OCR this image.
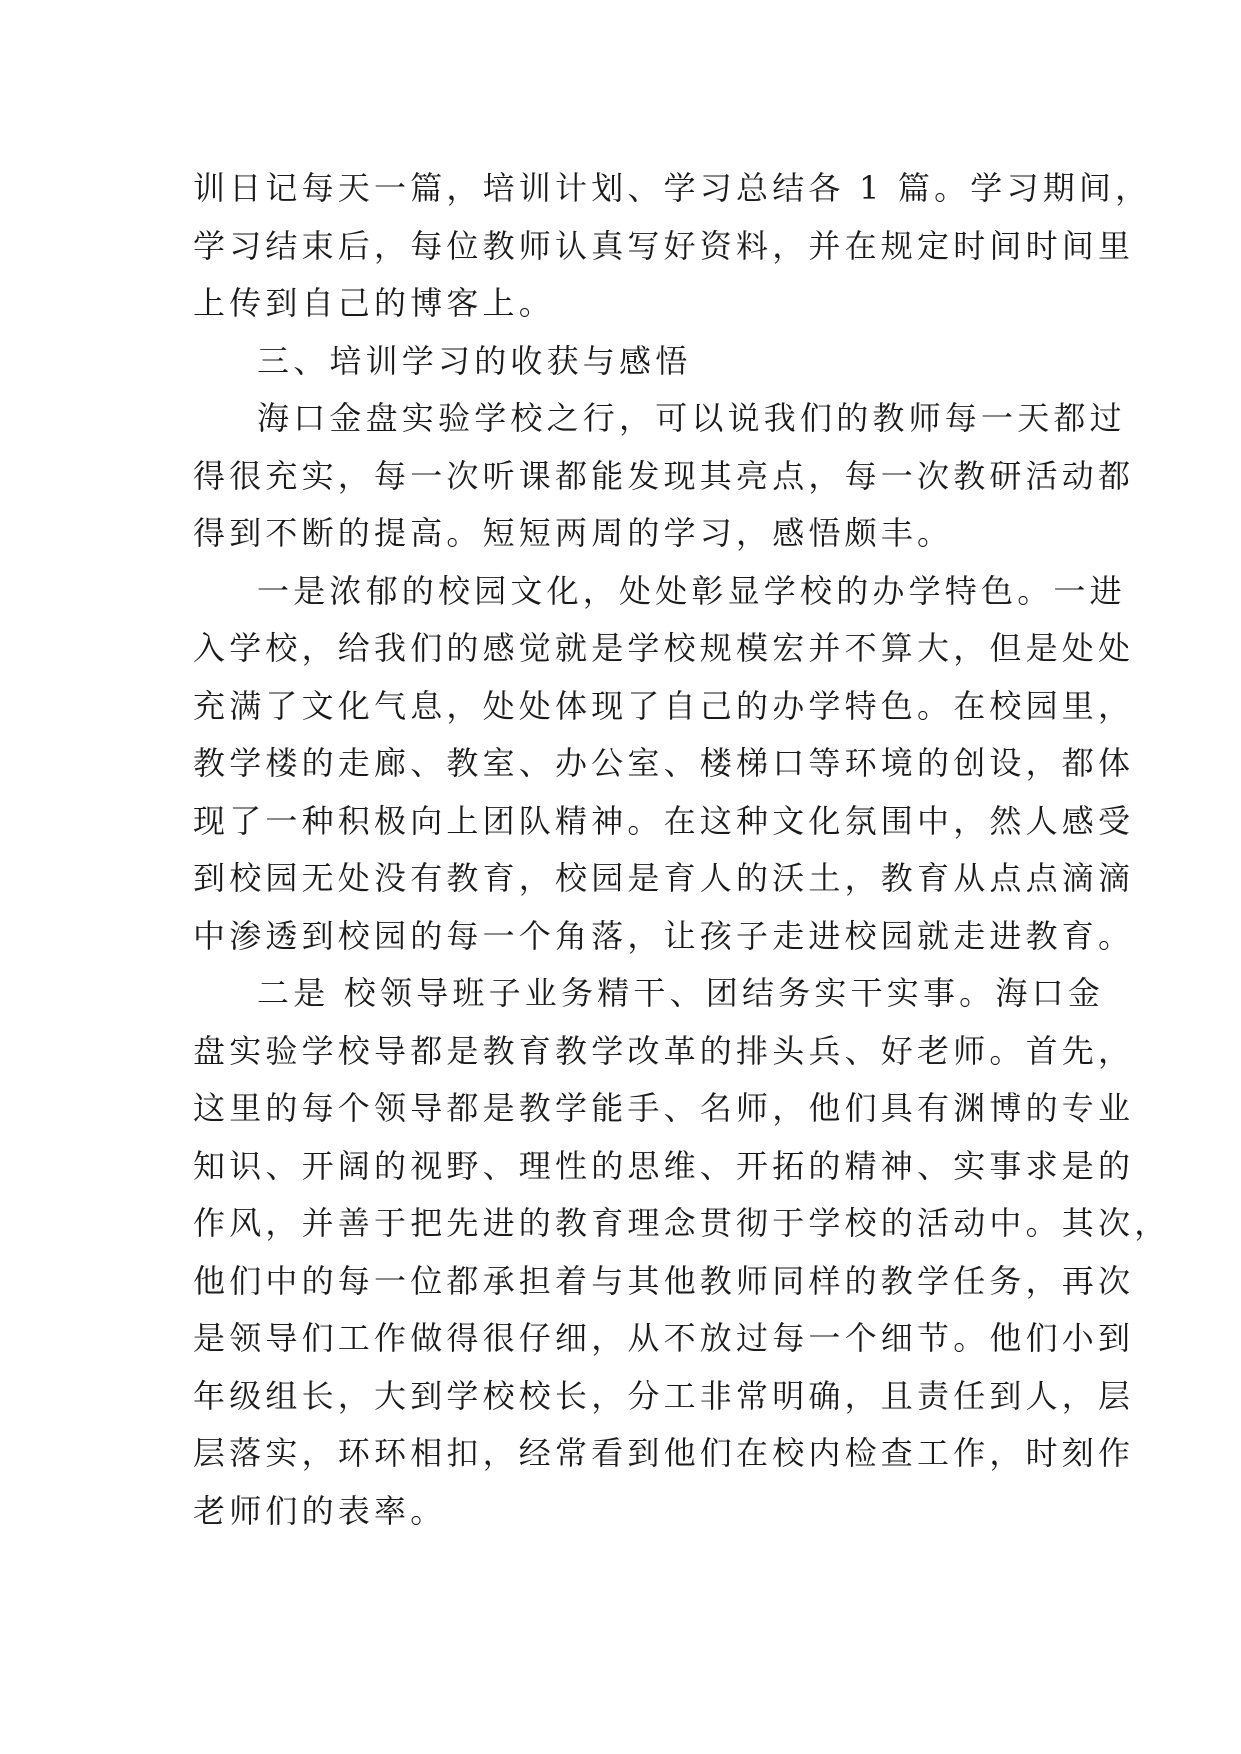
训日记每天一篇，培训计划、学习总结各 1 篇。学习期间，
学习结束后，每位教师认真写好资料，并在规定时间时间里
上传到自己的博客上。
三、培训学习的收获与感悟
海口金盘实验学校之行，可以说我们的教师每一天都过
得很充实，每一次听课都能发现其亮点，每一次教研活动都
得到不断的提高。短短两周的学习，感悟颇丰。
一是浓郁的校园文化，处处彰显学校的办学特色。一进
入学校，给我们的感觉就是学校规模宏并不算大，但是处处
充满了文化气息，处处体现了自己的办学特色。在校园里，
教学楼的走廊、教室、办公室、楼梯口等环境的创设，都体
现了一种积极向上团队精神。在这种文化氛围中，然人感受
到校园无处没有教育，校园是育人的沃土，教育从点点滴滴
中渗透到校园的每一个角落，让孩子走进校园就走进教育。
二是 校领导班子业务精干、团结务实干实事。海口金
盘实验学校导都是教育教学改革的排头兵、好老师。首先，
这里的每个领导都是教学能手、名师，他们具有渊博的专业
知识、开阔的视野、理性的思维、开拓的精神、实事求是的
作风，并善于把先进的教育理念贯彻于学校的活动中。其次，
他们中的每一位都承担着与其他教师同样的教学任务，再次
是领导们工作做得很仔细，从不放过每一个细节。他们小到
年级组长，大到学校校长，分工非常明确，且责任到人，层
层落实，环环相扣，经常看到他们在校内检查工作，时刻作
老师们的表率。
